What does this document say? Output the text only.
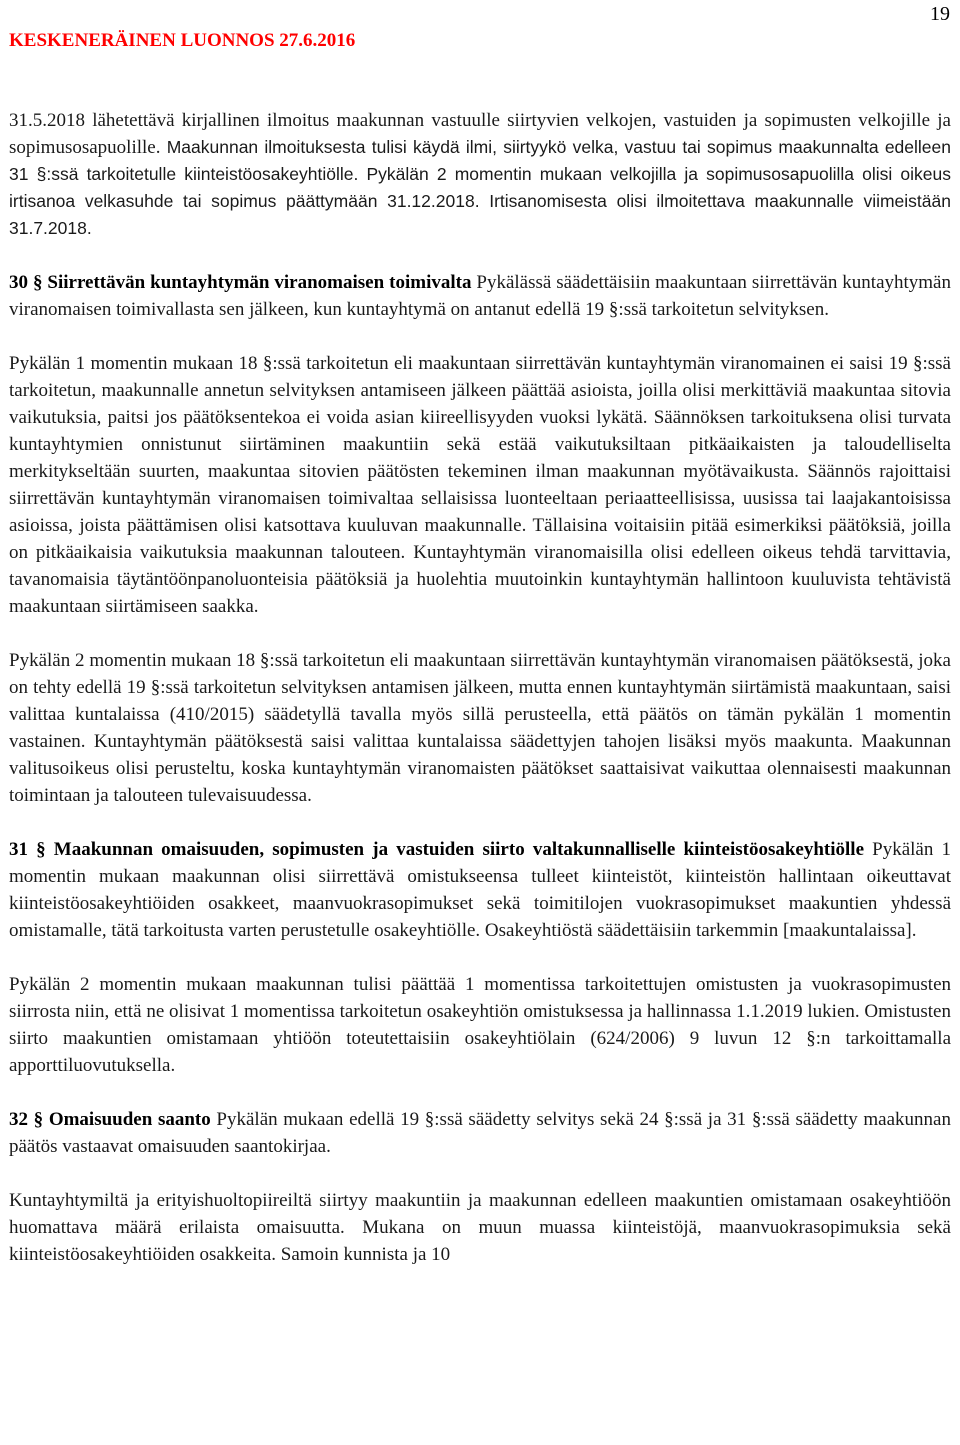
KESKENERÄINEN LUONNOS 27.6.2016
19

31.5.2018 lähetettävä kirjallinen ilmoitus maakunnan vastuulle siirtyvien velkojen, vastuiden ja sopimusten velkojille ja sopimusosapuolille. Maakunnan ilmoituksesta tulisi käydä ilmi, siirtyykö velka, vastuu tai sopimus maakunnalta edelleen 31 §:ssä tarkoitetulle kiinteistöosakeyhtiölle. Pykälän 2 momentin mukaan velkojilla ja sopimusosapuolilla olisi oikeus irtisanoa velkasuhde tai sopimus päättymään 31.12.2018. Irtisanomisesta olisi ilmoitettava maakunnalle viimeistään 31.7.2018.

30 § Siirrettävän kuntayhtymän viranomaisen toimivalta Pykälässä säädettäisiin maakuntaan siirrettävän kuntayhtymän viranomaisen toimivallasta sen jälkeen, kun kuntayhtymä on antanut edellä 19 §:ssä tarkoitetun selvityksen.

Pykälän 1 momentin mukaan 18 §:ssä tarkoitetun eli maakuntaan siirrettävän kuntayhtymän viranomainen ei saisi 19 §:ssä tarkoitetun, maakunnalle annetun selvityksen antamiseen jälkeen päättää asioista, joilla olisi merkittäviä maakuntaa sitovia vaikutuksia, paitsi jos päätöksentekoa ei voida asian kiireellisyyden vuoksi lykätä. Säännöksen tarkoituksena olisi turvata kuntayhtymien onnistunut siirtäminen maakuntiin sekä estää vaikutuksiltaan pitkäaikaisten ja taloudelliselta merkitykseltään suurten, maakuntaa sitovien päätösten tekeminen ilman maakunnan myötävaikusta. Säännös rajoittaisi siirrettävän kuntayhtymän viranomaisen toimivaltaa sellaisissa luonteeltaan periaatteellisissa, uusissa tai laajakantoisissa asioissa, joista päättämisen olisi katsottava kuuluvan maakunnalle. Tällaisina voitaisiin pitää esimerkiksi päätöksiä, joilla on pitkäaikaisia vaikutuksia maakunnan talouteen. Kuntayhtymän viranomaisilla olisi edelleen oikeus tehdä tarvittavia, tavanomaisia täytäntöönpanoluonteisia päätöksiä ja huolehtia muutoinkin kuntayhtymän hallintoon kuuluvista tehtävistä maakuntaan siirtämiseen saakka.

Pykälän 2 momentin mukaan 18 §:ssä tarkoitetun eli maakuntaan siirrettävän kuntayhtymän viranomaisen päätöksestä, joka on tehty edellä 19 §:ssä tarkoitetun selvityksen antamisen jälkeen, mutta ennen kuntayhtymän siirtämistä maakuntaan, saisi valittaa kuntalaissa (410/2015) säädetyllä tavalla myös sillä perusteella, että päätös on tämän pykälän 1 momentin vastainen. Kuntayhtymän päätöksestä saisi valittaa kuntalaissa säädettyjen tahojen lisäksi myös maakunta. Maakunnan valitusoikeus olisi perusteltu, koska kuntayhtymän viranomaisten päätökset saattaisivat vaikuttaa olennaisesti maakunnan toimintaan ja talouteen tulevaisuudessa.

31 § Maakunnan omaisuuden, sopimusten ja vastuiden siirto valtakunnalliselle kiinteistöosakeyhtiölle Pykälän 1 momentin mukaan maakunnan olisi siirrettävä omistukseensa tulleet kiinteistöt, kiinteistön hallintaan oikeuttavat kiinteistöosakeyhtiöiden osakkeet, maanvuokrasopimukset sekä toimitilojen vuokrasopimukset maakuntien yhdessä omistamalle, tätä tarkoitusta varten perustetulle osakeyhtiölle. Osakeyhtiöstä säädettäisiin tarkemmin [maakuntalaissa].

Pykälän 2 momentin mukaan maakunnan tulisi päättää 1 momentissa tarkoitettujen omistusten ja vuokrasopimusten siirrosta niin, että ne olisivat 1 momentissa tarkoitetun osakeyhtiön omistuksessa ja hallinnassa 1.1.2019 lukien. Omistusten siirto maakuntien omistamaan yhtiöön toteutettaisiin osakeyhtiölain (624/2006) 9 luvun 12 §:n tarkoittamalla apporttiluovutuksella.

32 § Omaisuuden saanto Pykälän mukaan edellä 19 §:ssä säädetty selvitys sekä 24 §:ssä ja 31 §:ssä säädetty maakunnan päätös vastaavat omaisuuden saantokirjaa.

Kuntayhtymiltä ja erityishuoltopiireiltä siirtyy maakuntiin ja maakunnan edelleen maakuntien omistamaan osakeyhtiöön huomattava määrä erilaista omaisuutta. Mukana on muun muassa kiinteistöjä, maanvuokrasopimuksia sekä kiinteistöosakeyhtiöiden osakkeita. Samoin kunnista ja 10
